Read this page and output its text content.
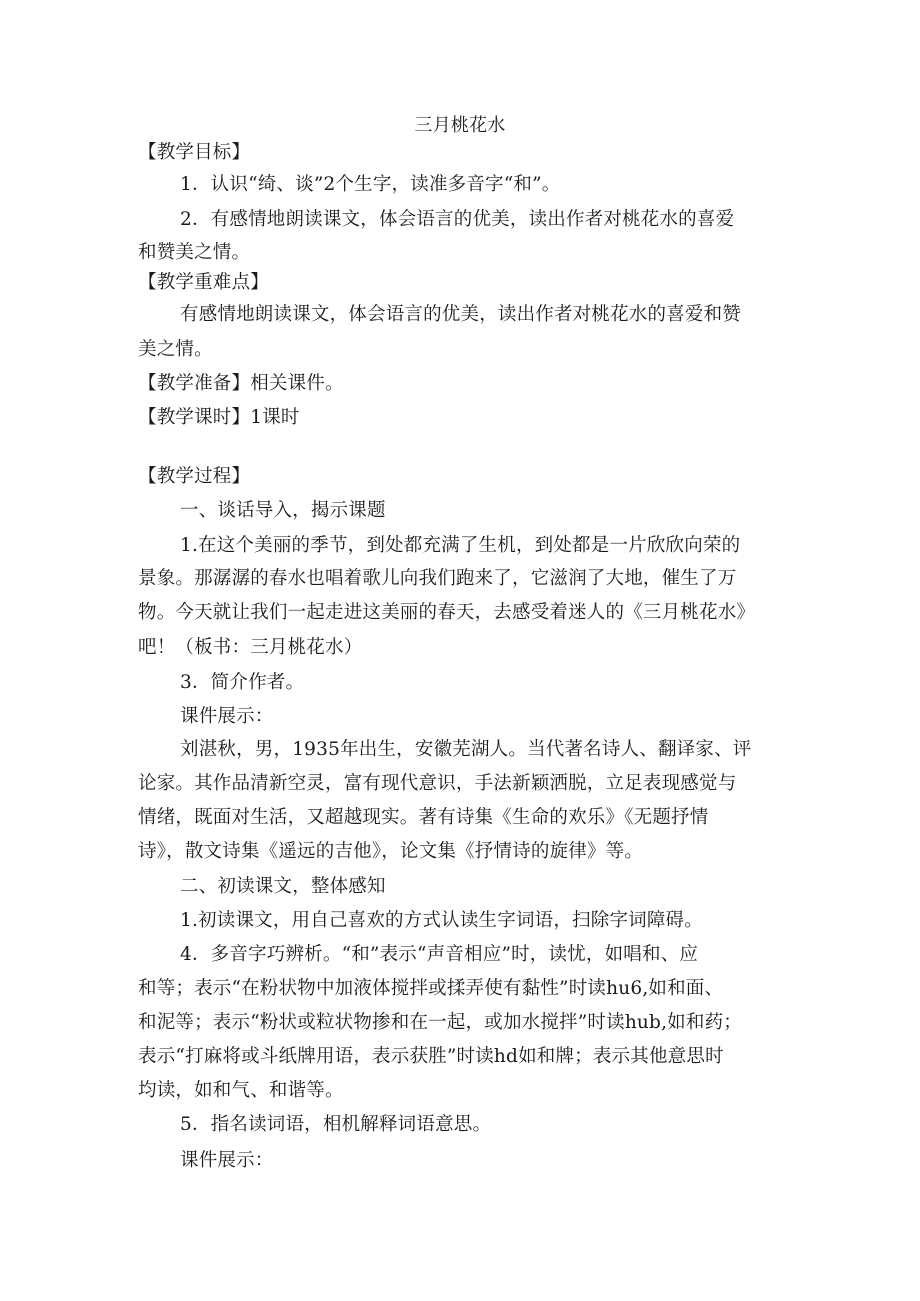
三月桃花水
【教学目标】
1．认识“绮、谈”2个生字，读准多音字“和”。
2．有感情地朗读课文，体会语言的优美，读出作者对桃花水的喜爱
和赞美之情。
【教学重难点】
有感情地朗读课文，体会语言的优美，读出作者对桃花水的喜爱和赞
美之情。
【教学准备】相关课件。
【教学课时】1课时
【教学过程】
一、谈话导入，揭示课题
1.在这个美丽的季节，到处都充满了生机，到处都是一片欣欣向荣的
景象。那潺潺的春水也唱着歌儿向我们跑来了，它滋润了大地，催生了万
物。今天就让我们一起走进这美丽的春天，去感受着迷人的《三月桃花水》
吧！（板书：三月桃花水）
3．简介作者。
课件展示：
刘湛秋，男，1935年出生，安徽芜湖人。当代著名诗人、翻译家、评
论家。其作品清新空灵，富有现代意识，手法新颖洒脱，立足表现感觉与
情绪，既面对生活，又超越现实。著有诗集《生命的欢乐》《无题抒情
诗》，散文诗集《遥远的吉他》，论文集《抒情诗的旋律》等。
二、初读课文，整体感知
1.初读课文，用自己喜欢的方式认读生字词语，扫除字词障碍。
4．多音字巧辨析。“和”表示“声音相应”时，读忧，如唱和、应
和等；表示“在粉状物中加液体搅拌或揉弄使有黏性”时读hu6,如和面、
和泥等；表示“粉状或粒状物掺和在一起，或加水搅拌”时读hub,如和药；
表示“打麻将或斗纸牌用语，表示获胜”时读hd如和牌；表示其他意思时
均读，如和气、和谐等。
5．指名读词语，相机解释词语意思。
课件展示：
